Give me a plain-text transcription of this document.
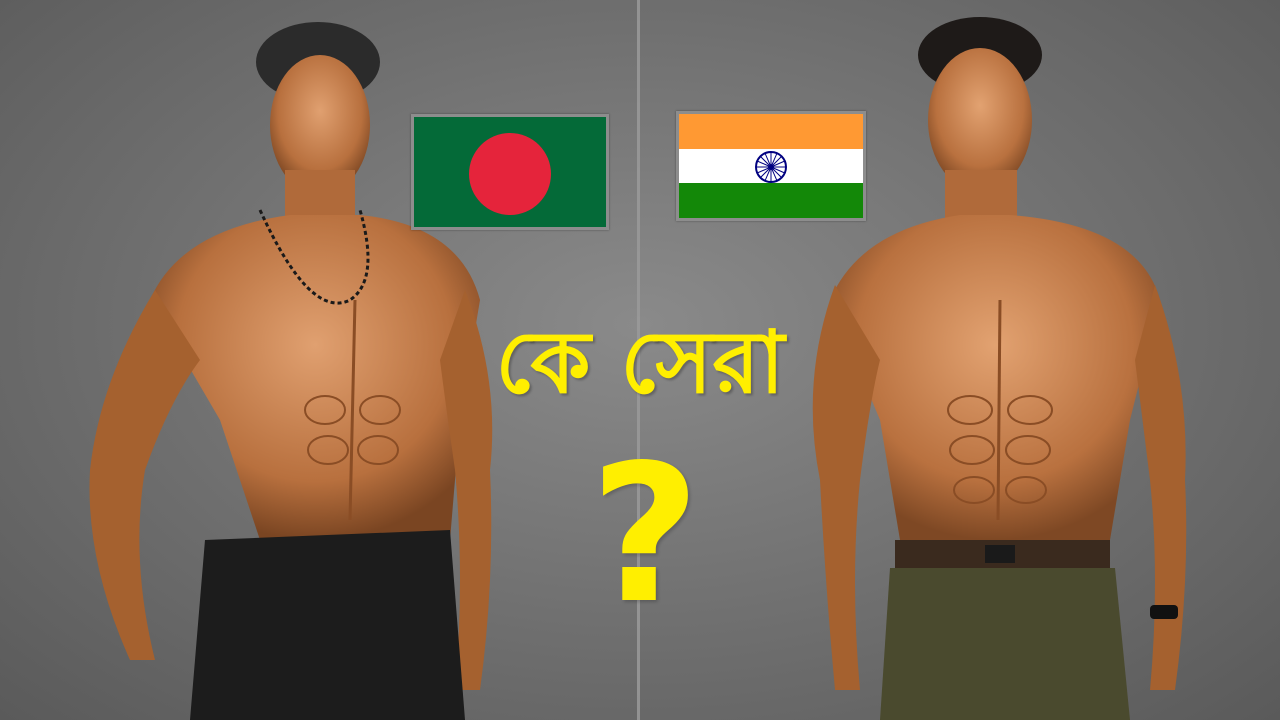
কে সেরা
?
